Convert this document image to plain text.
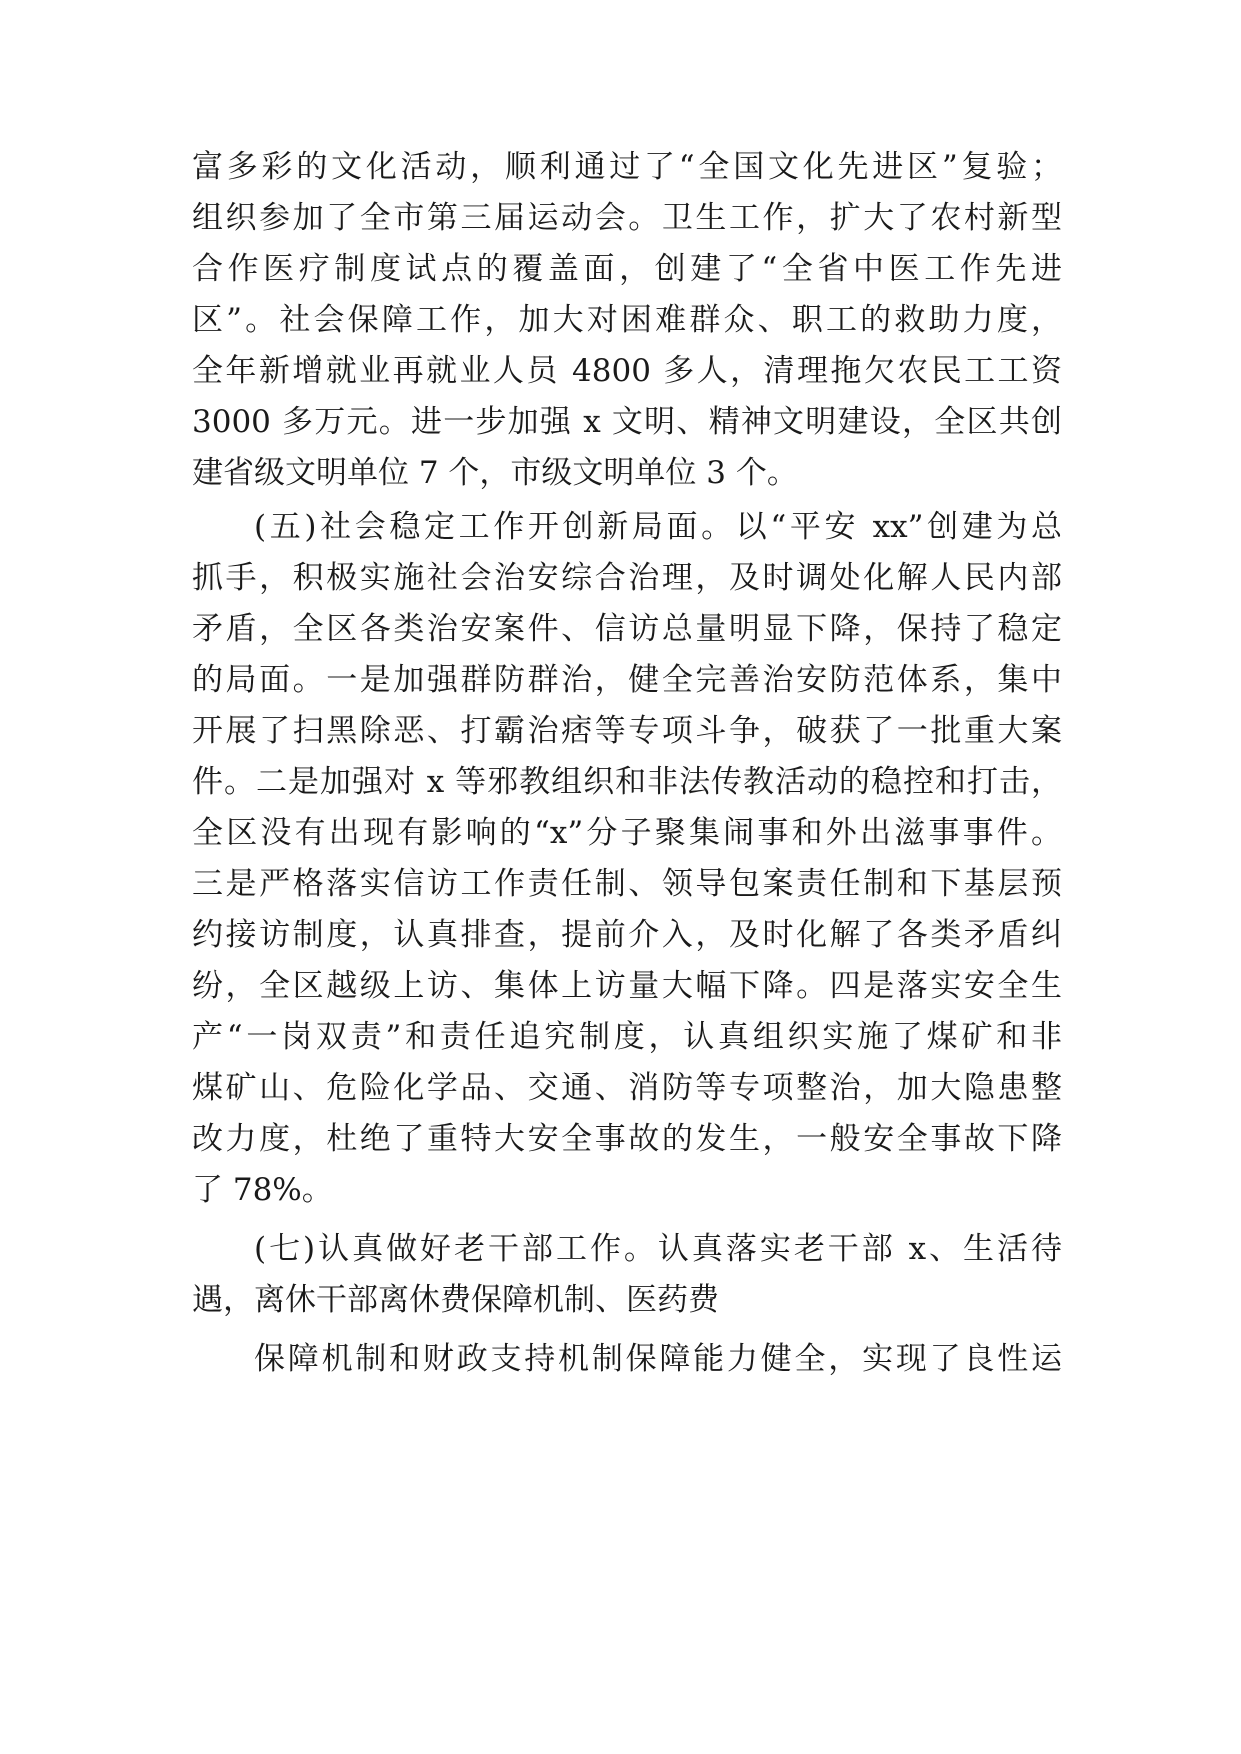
富多彩的文化活动，顺利通过了“全国文化先进区”复验；
组织参加了全市第三届运动会。卫生工作，扩大了农村新型
合作医疗制度试点的覆盖面，创建了“全省中医工作先进
区”。社会保障工作，加大对困难群众、职工的救助力度，
全年新增就业再就业人员 4800 多人，清理拖欠农民工工资
3000 多万元。进一步加强 x 文明、精神文明建设，全区共创
建省级文明单位 7 个，市级文明单位 3 个。
(五)社会稳定工作开创新局面。以“平安 xx”创建为总
抓手，积极实施社会治安综合治理，及时调处化解人民内部
矛盾，全区各类治安案件、信访总量明显下降，保持了稳定
的局面。一是加强群防群治，健全完善治安防范体系，集中
开展了扫黑除恶、打霸治痞等专项斗争，破获了一批重大案
件。二是加强对 x 等邪教组织和非法传教活动的稳控和打击，
全区没有出现有影响的“x”分子聚集闹事和外出滋事事件。
三是严格落实信访工作责任制、领导包案责任制和下基层预
约接访制度，认真排查，提前介入，及时化解了各类矛盾纠
纷，全区越级上访、集体上访量大幅下降。四是落实安全生
产“一岗双责”和责任追究制度，认真组织实施了煤矿和非
煤矿山、危险化学品、交通、消防等专项整治，加大隐患整
改力度，杜绝了重特大安全事故的发生，一般安全事故下降
了 78%。
(七)认真做好老干部工作。认真落实老干部 x、生活待
遇，离休干部离休费保障机制、医药费
保障机制和财政支持机制保障能力健全，实现了良性运
